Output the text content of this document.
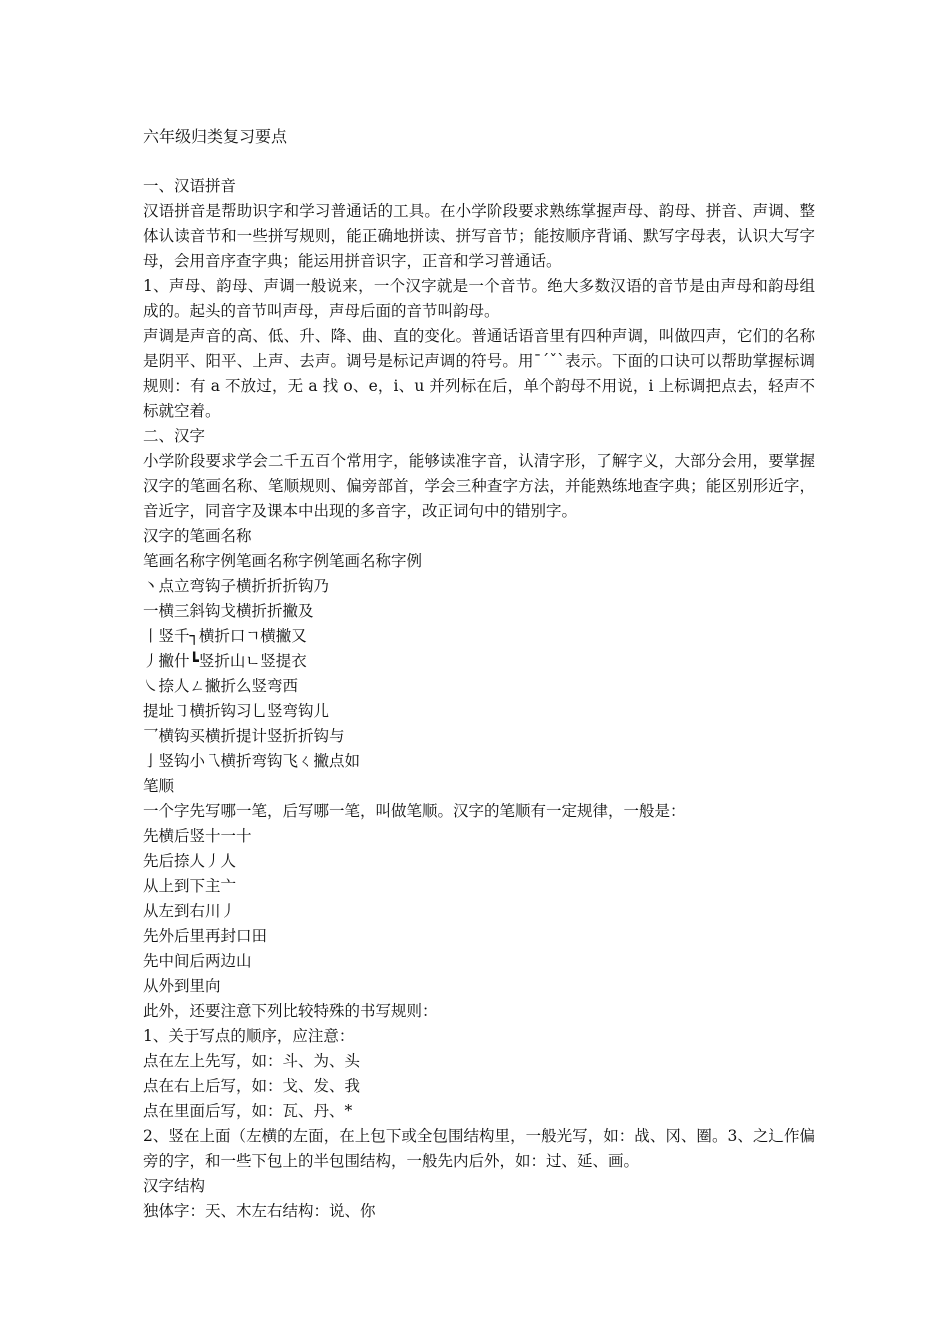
六年级归类复习要点

一、汉语拼音

汉语拼音是帮助识字和学习普通话的工具。在小学阶段要求熟练掌握声母、韵母、拼音、声调、整体认读音节和一些拼写规则，能正确地拼读、拼写音节；能按顺序背诵、默写字母表，认识大写字母，会用音序查字典；能运用拼音识字，正音和学习普通话。

1、声母、韵母、声调一般说来，一个汉字就是一个音节。绝大多数汉语的音节是由声母和韵母组成的。起头的音节叫声母，声母后面的音节叫韵母。

声调是声音的高、低、升、降、曲、直的变化。普通话语音里有四种声调，叫做四声，它们的名称是阴平、阳平、上声、去声。调号是标记声调的符号。用ˉˊˇˋ表示。下面的口诀可以帮助掌握标调规则：有 a 不放过，无 a 找 o、e，i、u 并列标在后，单个韵母不用说，i 上标调把点去，轻声不标就空着。

二、汉字

小学阶段要求学会二千五百个常用字，能够读准字音，认清字形，了解字义，大部分会用，要掌握汉字的笔画名称、笔顺规则、偏旁部首，学会三种查字方法，并能熟练地查字典；能区别形近字，音近字，同音字及课本中出现的多音字，改正词句中的错别字。

汉字的笔画名称

笔画名称字例笔画名称字例笔画名称字例

丶点立弯钩子横折折折钩乃

一横三斜钩戈横折折撇及

丨竖千┐横折口ㄱ横撇又

丿撇什┗竖折山ㄴ竖提衣

㇏捺人ㄥ撇折么竖弯西

提址㇆横折钩习乚竖弯钩儿

乛横钩买横折提计竖折折钩与

亅竖钩小乁横折弯钩飞ㄑ撇点如

笔顺

一个字先写哪一笔，后写哪一笔，叫做笔顺。汉字的笔顺有一定规律，一般是：

先横后竖十一十

先后捺人丿人

从上到下主亠

从左到右川丿

先外后里再封口田

先中间后两边山

从外到里向

此外，还要注意下列比较特殊的书写规则：

1、关于写点的顺序，应注意：

点在左上先写，如：斗、为、头

点在右上后写，如：戈、发、我

点在里面后写，如：瓦、丹、*

2、竖在上面（左横的左面，在上包下或全包围结构里，一般光写，如：战、冈、圈。3、之⻌作偏旁的字，和一些下包上的半包围结构，一般先内后外，如：过、延、画。

汉字结构

独体字：天、木左右结构：说、你
